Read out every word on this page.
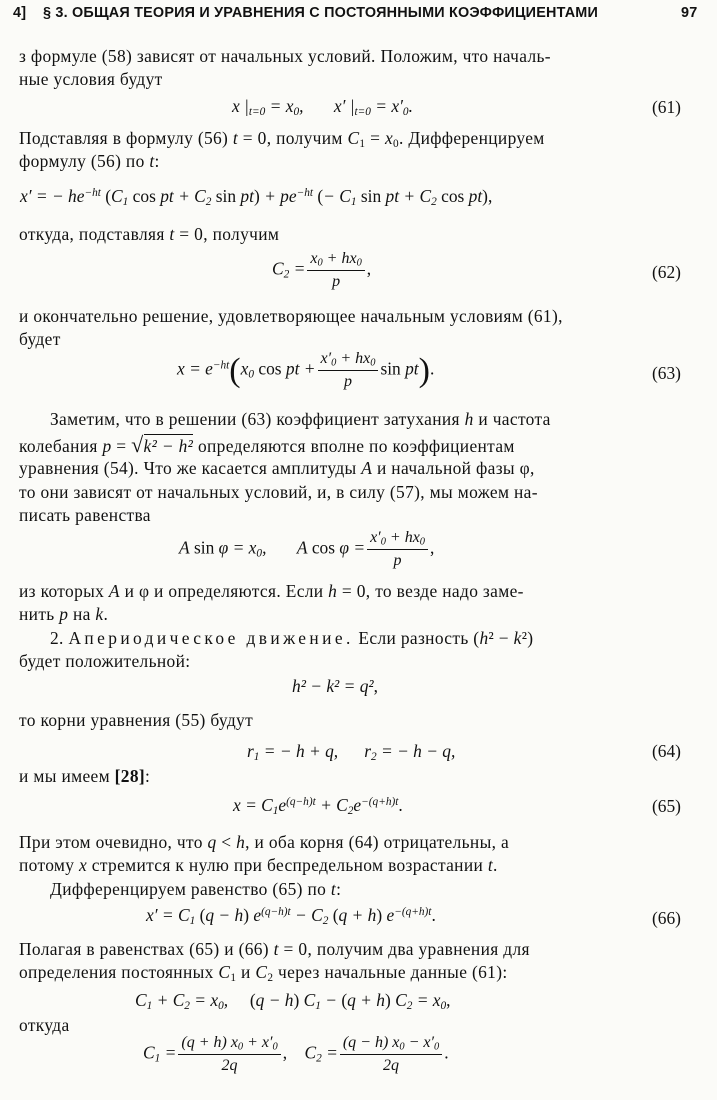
4] § 3. ОБЩАЯ ТЕОРИЯ И УРАВНЕНИЯ С ПОСТОЯННЫМИ КОЭФФИЦИЕНТАМИ	97
з формуле (58) зависят от начальных условий. Положим, что началь-
ные условия будут
x $|_{t=0} = x_0$,       x′ $|_{t=0} = x'_0$.	(61)
Подставляя в формулу (56) t = 0, получим $C_1 = x_0$. Дифференцируем
формулу (56) по t:
x′ = − $he^{-ht}$ ($C_1$ cos pt + $C_2$ $\sin pt) + pe^{-ht}$ (− $C_1$ sin pt + $C_2$ cos pt),
откуда, подставляя t = 0, получим
$C_2 = \frac{x_0 + hx_0}{p}$ ,	(62)
и окончательно решение, удовлетворяющее начальным условиям (61),
будет
$x = e^{-ht}(x_0$ cos pt + $\frac{x'_0 + hx_0}{p}$ sin pt).	(63)
Заметим, что в решении (63) коэффициент затухания h и частота
колебания p = √k² − h² определяются вполне по коэффициентам
уравнения (54). Что же касается амплитуды A и начальной фазы φ,
то они зависят от начальных условий, и, в силу (57), мы можем на-
писать равенства
A $\sin \varphi = x_0$,       A $\cos \varphi = \frac{x'_0 + hx_0}{p}$ ,
из которых A и φ и определяются. Если h = 0, то везде надо заме-
нить p на k.
2. Апериодическое движение. Если разность (h² − k²)
будет положительной:
h² − k² = q²,
то корни уравнения (55) будут
$r_1$ = − h + q,      $r_2$ = − h − q,	(64)
и мы имеем [28]:
$x = C_1e^{(q-h)t} + C_2e^{-(q+h)t}$.	(65)
При этом очевидно, что q < h, и оба корня (64) отрицательны, а
потому x стремится к нулю при беспредельном возрастании t.
Дифференцируем равенство (65) по t:
$x' = C_1$ (q − h) $e^{(q-h)t} - C_2$ (q + h) $e^{-(q+h)t}$.	(66)
Полагая в равенствах (65) и (66) t = 0, получим два уравнения для
определения постоянных $C_1$ и $C_2$ через начальные данные (61):
$C_1 + C_2 = x_0$,     (q − h) $C_1 - (q + h) C_2 = x_0$,
откуда
$C_1 = \frac{(q + h) x_0 + x'_0}{2q}$ ,    $C_2 = \frac{(q - h) x_0 - x'_0}{2q}$ .
